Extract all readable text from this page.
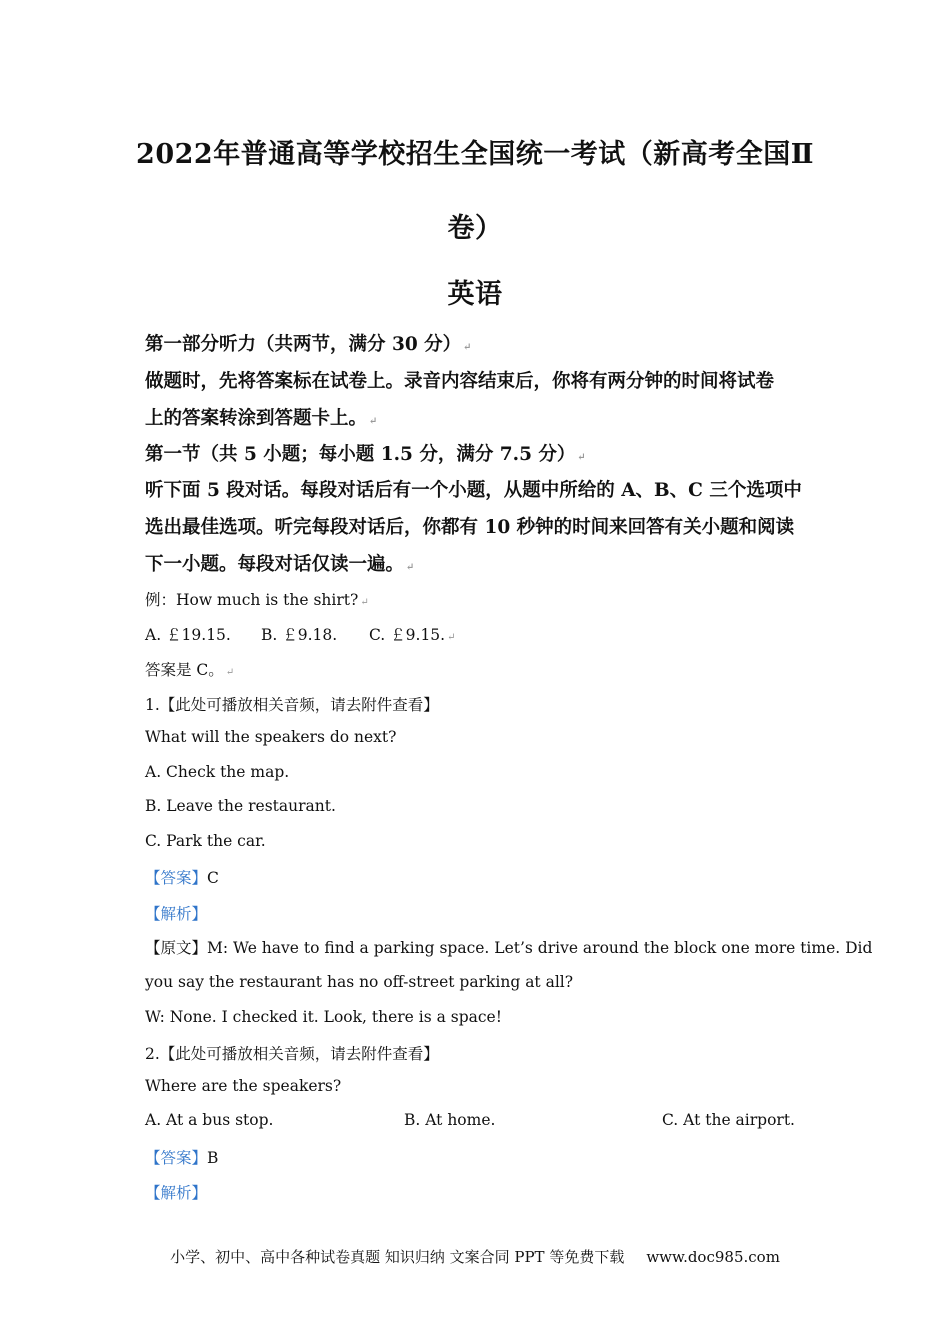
2022年普通高等学校招生全国统一考试（新高考全国Ⅱ
卷）
英语
第一部分听力（共两节，满分 30 分） ↵
做题时，先将答案标在试卷上。录音内容结束后，你将有两分钟的时间将试卷
上的答案转涂到答题卡上。 ↵
第一节（共 5 小题；每小题 1.5 分，满分 7.5 分） ↵
听下面 5 段对话。每段对话后有一个小题，从题中所给的 A、B、C 三个选项中
选出最佳选项。听完每段对话后，你都有 10 秒钟的时间来回答有关小题和阅读
下一小题。每段对话仅读一遍。 ↵
例：How much is the shirt? ↵
A. ￡19.15. B. ￡9.18. C. ￡9.15. ↵
答案是 C。 ↵
1.【此处可播放相关音频，请去附件查看】
What will the speakers do next?
A. Check the map.
B. Leave the restaurant.
C. Park the car.
【答案】C
【解析】
【原文】M: We have to find a parking space. Let’s drive around the block one more time. Did
you say the restaurant has no off-street parking at all?
W: None. I checked it. Look, there is a space!
2.【此处可播放相关音频，请去附件查看】
Where are the speakers?
A. At a bus stop.	B. At home.	C. At the airport.
【答案】B
【解析】
小学、初中、高中各种试卷真题 知识归纳 文案合同 PPT 等免费下载 www.doc985.com
